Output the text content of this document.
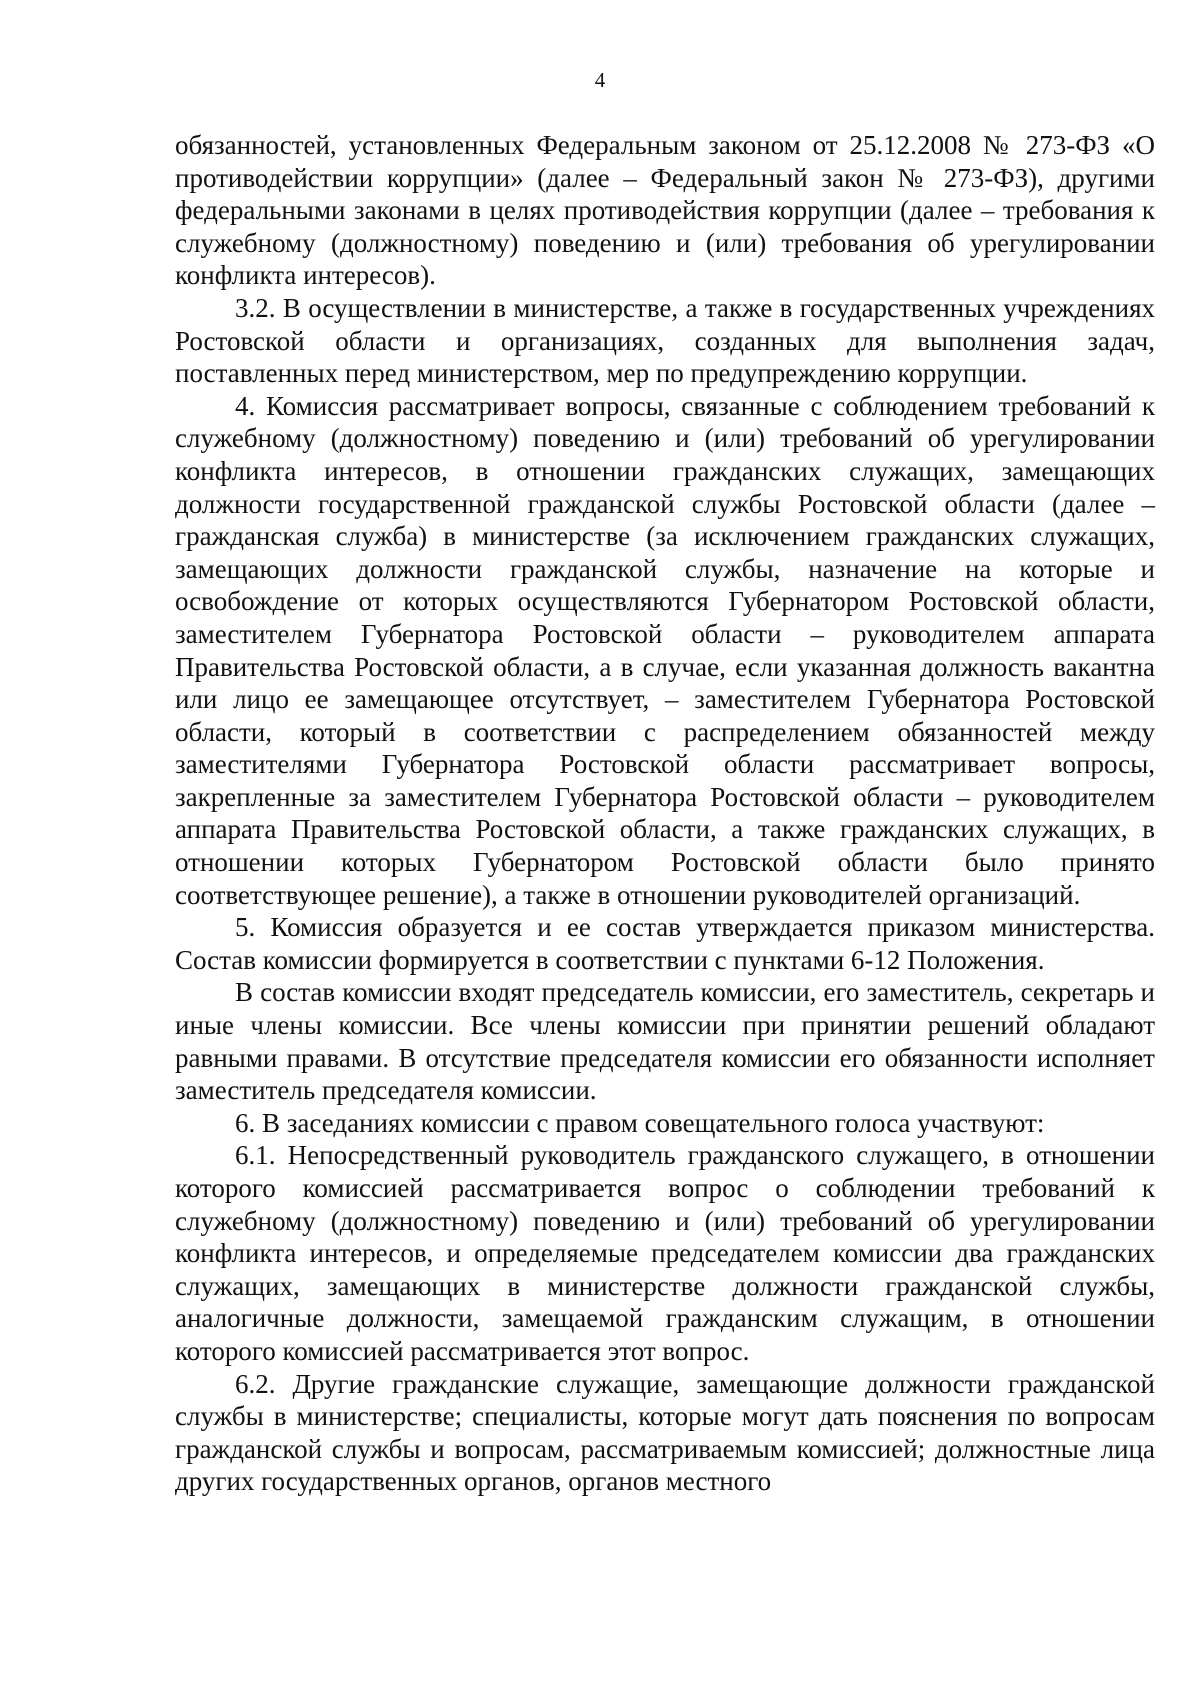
4

обязанностей, установленных Федеральным законом от 25.12.2008 № 273-ФЗ «О противодействии коррупции» (далее – Федеральный закон № 273-ФЗ), другими федеральными законами в целях противодействия коррупции (далее – требования к служебному (должностному) поведению и (или) требования об урегулировании конфликта интересов).

3.2. В осуществлении в министерстве, а также в государственных учреждениях Ростовской области и организациях, созданных для выполнения задач, поставленных перед министерством, мер по предупреждению коррупции.

4. Комиссия рассматривает вопросы, связанные с соблюдением требований к служебному (должностному) поведению и (или) требований об урегулировании конфликта интересов, в отношении гражданских служащих, замещающих должности государственной гражданской службы Ростовской области (далее – гражданская служба) в министерстве (за исключением гражданских служащих, замещающих должности гражданской службы, назначение на которые и освобождение от которых осуществляются Губернатором Ростовской области, заместителем Губернатора Ростовской области – руководителем аппарата Правительства Ростовской области, а в случае, если указанная должность вакантна или лицо ее замещающее отсутствует, – заместителем Губернатора Ростовской области, который в соответствии с распределением обязанностей между заместителями Губернатора Ростовской области рассматривает вопросы, закрепленные за заместителем Губернатора Ростовской области – руководителем аппарата Правительства Ростовской области, а также гражданских служащих, в отношении которых Губернатором Ростовской области было принято соответствующее решение), а также в отношении руководителей организаций.

5. Комиссия образуется и ее состав утверждается приказом министерства. Состав комиссии формируется в соответствии с пунктами 6-12 Положения.

В состав комиссии входят председатель комиссии, его заместитель, секретарь и иные члены комиссии. Все члены комиссии при принятии решений обладают равными правами. В отсутствие председателя комиссии его обязанности исполняет заместитель председателя комиссии.

6. В заседаниях комиссии с правом совещательного голоса участвуют:

6.1. Непосредственный руководитель гражданского служащего, в отношении которого комиссией рассматривается вопрос о соблюдении требований к служебному (должностному) поведению и (или) требований об урегулировании конфликта интересов, и определяемые председателем комиссии два гражданских служащих, замещающих в министерстве должности гражданской службы, аналогичные должности, замещаемой гражданским служащим, в отношении которого комиссией рассматривается этот вопрос.

6.2. Другие гражданские служащие, замещающие должности гражданской службы в министерстве; специалисты, которые могут дать пояснения по вопросам гражданской службы и вопросам, рассматриваемым комиссией; должностные лица других государственных органов, органов местного
